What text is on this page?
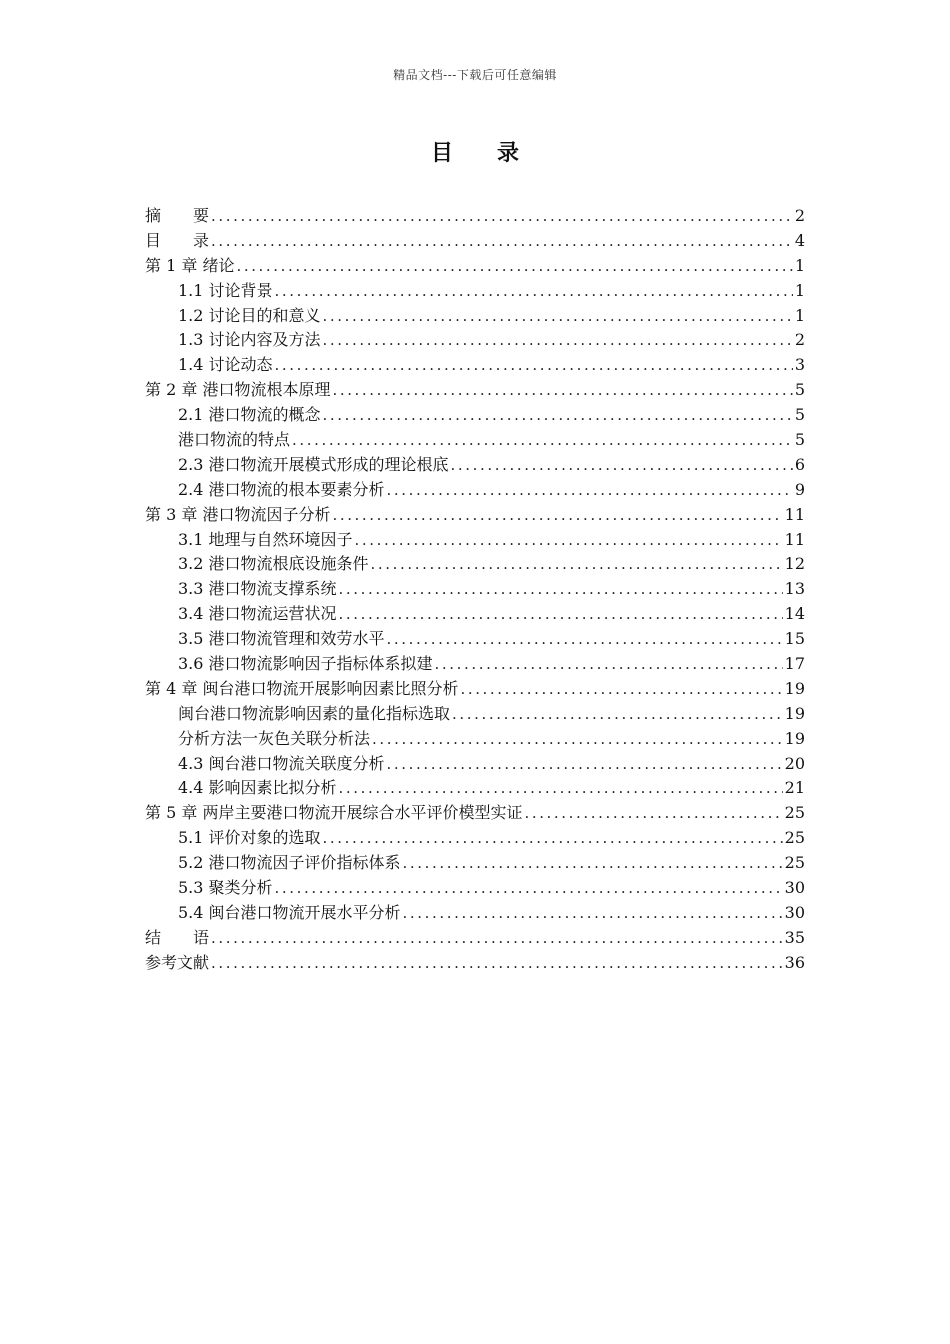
精品文档---下载后可任意编辑
目 录
摘　　要 .....	2
目　　录 .....	4
第 1 章 绪论 .....	1
1.1 讨论背景 .....	1
1.2 讨论目的和意义 .....	1
1.3 讨论内容及方法 .....	2
1.4 讨论动态 .....	3
第 2 章 港口物流根本原理 .....	5
2.1 港口物流的概念 .....	5
港口物流的特点 .....	5
2.3 港口物流开展模式形成的理论根底 .....	6
2.4 港口物流的根本要素分析 .....	9
第 3 章 港口物流因子分析 .....	11
3.1 地理与自然环境因子 .....	11
3.2 港口物流根底设施条件 .....	12
3.3 港口物流支撑系统 .....	13
3.4 港口物流运营状况 .....	14
3.5 港口物流管理和效劳水平 .....	15
3.6 港口物流影响因子指标体系拟建 .....	17
第 4 章 闽台港口物流开展影响因素比照分析 .....	19
闽台港口物流影响因素的量化指标选取 .....	19
分析方法一灰色关联分析法 .....	19
4.3 闽台港口物流关联度分析 .....	20
4.4 影响因素比拟分析 .....	21
第 5 章 两岸主要港口物流开展综合水平评价模型实证 .....	25
5.1 评价对象的选取 .....	25
5.2 港口物流因子评价指标体系 .....	25
5.3 聚类分析 .....	30
5.4 闽台港口物流开展水平分析 .....	30
结　　语 .....	35
参考文献 .....	36
